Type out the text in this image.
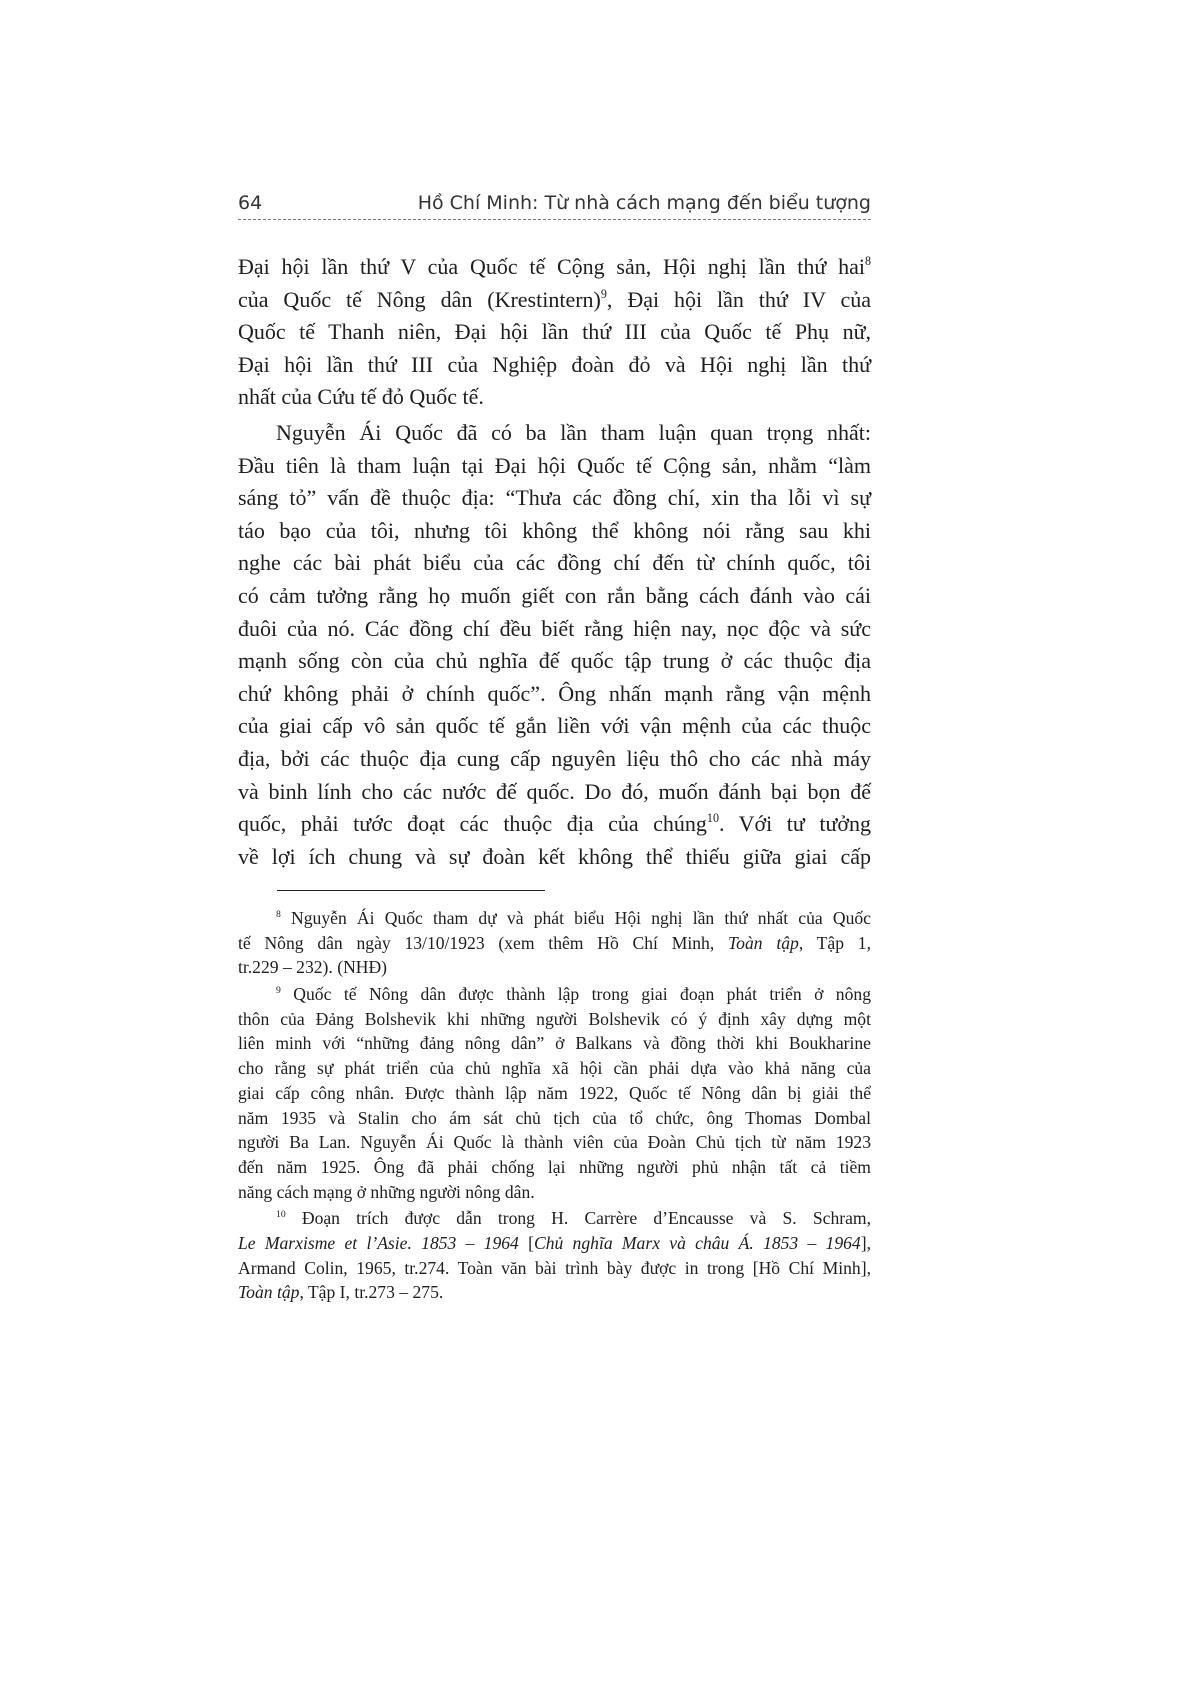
64	Hồ Chí Minh: Từ nhà cách mạng đến biểu tượng
Đại hội lần thứ V của Quốc tế Cộng sản, Hội nghị lần thứ hai$^8$
của Quốc tế Nông dân (Krestintern)$^9$, Đại hội lần thứ IV của
Quốc tế Thanh niên, Đại hội lần thứ III của Quốc tế Phụ nữ,
Đại hội lần thứ III của Nghiệp đoàn đỏ và Hội nghị lần thứ
nhất của Cứu tế đỏ Quốc tế.
Nguyễn Ái Quốc đã có ba lần tham luận quan trọng nhất:
Đầu tiên là tham luận tại Đại hội Quốc tế Cộng sản, nhằm “làm
sáng tỏ” vấn đề thuộc địa: “Thưa các đồng chí, xin tha lỗi vì sự
táo bạo của tôi, nhưng tôi không thể không nói rằng sau khi
nghe các bài phát biểu của các đồng chí đến từ chính quốc, tôi
có cảm tưởng rằng họ muốn giết con rắn bằng cách đánh vào cái
đuôi của nó. Các đồng chí đều biết rằng hiện nay, nọc độc và sức
mạnh sống còn của chủ nghĩa đế quốc tập trung ở các thuộc địa
chứ không phải ở chính quốc”. Ông nhấn mạnh rằng vận mệnh
của giai cấp vô sản quốc tế gắn liền với vận mệnh của các thuộc
địa, bởi các thuộc địa cung cấp nguyên liệu thô cho các nhà máy
và binh lính cho các nước đế quốc. Do đó, muốn đánh bại bọn đế
quốc, phải tước đoạt các thuộc địa của chúng$^{10}$. Với tư tưởng
về lợi ích chung và sự đoàn kết không thể thiếu giữa giai cấp
$^8$ Nguyễn Ái Quốc tham dự và phát biểu Hội nghị lần thứ nhất của Quốc
tế Nông dân ngày 13/10/1923 (xem thêm Hồ Chí Minh, Toàn tập, Tập 1,
tr.229 – 232). (NHĐ)
$^9$ Quốc tế Nông dân được thành lập trong giai đoạn phát triển ở nông
thôn của Đảng Bolshevik khi những người Bolshevik có ý định xây dựng một
liên minh với “những đảng nông dân” ở Balkans và đồng thời khi Boukharine
cho rằng sự phát triển của chủ nghĩa xã hội cần phải dựa vào khả năng của
giai cấp công nhân. Được thành lập năm 1922, Quốc tế Nông dân bị giải thể
năm 1935 và Stalin cho ám sát chủ tịch của tổ chức, ông Thomas Dombal
người Ba Lan. Nguyễn Ái Quốc là thành viên của Đoàn Chủ tịch từ năm 1923
đến năm 1925. Ông đã phải chống lại những người phủ nhận tất cả tiềm
năng cách mạng ở những người nông dân.
$^{10}$ Đoạn trích được dẫn trong H. Carrère d’Encausse và S. Schram,
Le Marxisme et l’Asie. 1853 – 1964 [Chủ nghĩa Marx và châu Á. 1853 – 1964],
Armand Colin, 1965, tr.274. Toàn văn bài trình bày được in trong [Hồ Chí Minh],
Toàn tập, Tập I, tr.273 – 275.
